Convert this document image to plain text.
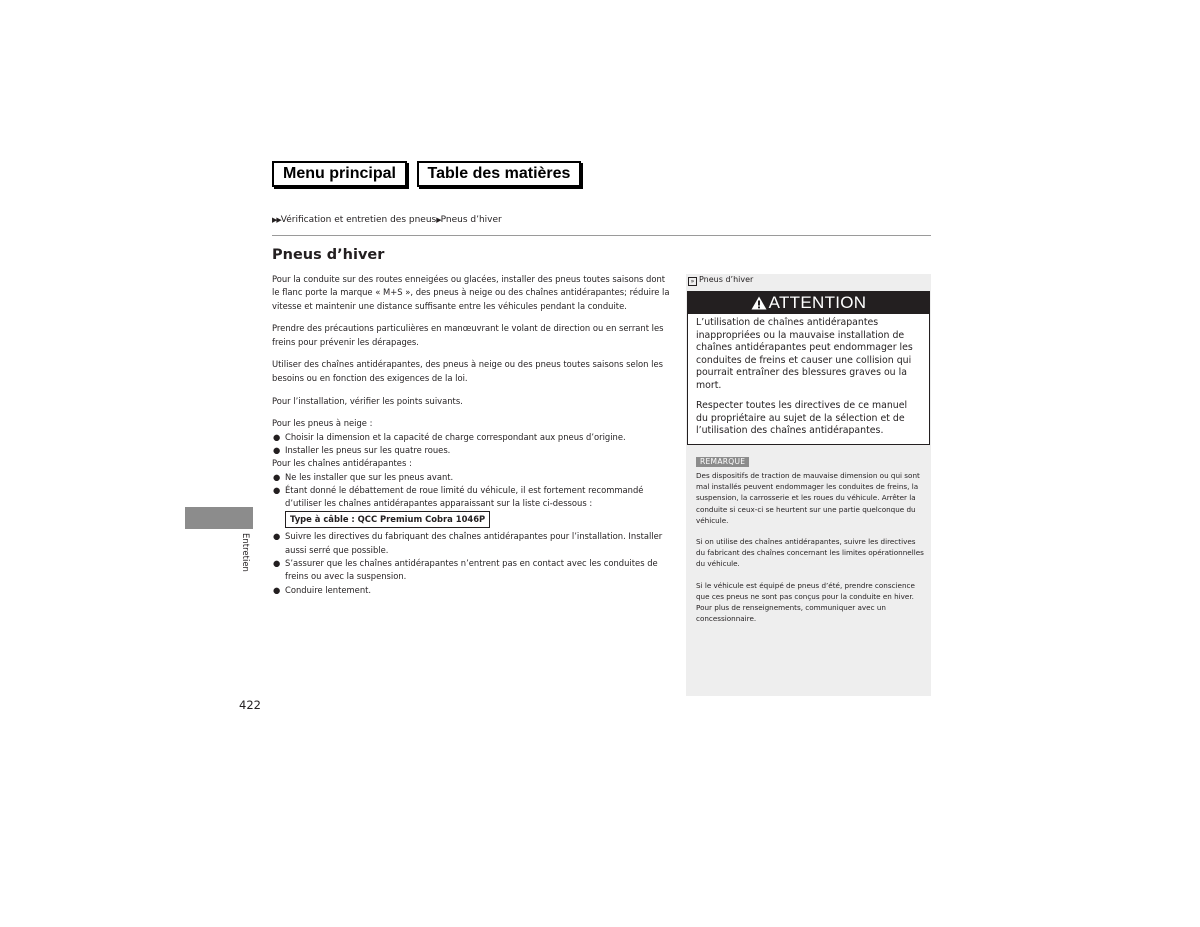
Menu principal	Table des matières
▶▶Vérification et entretien des pneus▶Pneus d’hiver
Pneus d’hiver

Pour la conduite sur des routes enneigées ou glacées, installer des pneus toutes saisons dont le flanc porte la marque « M+S », des pneus à neige ou des chaînes antidérapantes; réduire la vitesse et maintenir une distance suffisante entre les véhicules pendant la conduite.

Prendre des précautions particulières en manœuvrant le volant de direction ou en serrant les freins pour prévenir les dérapages.

Utiliser des chaînes antidérapantes, des pneus à neige ou des pneus toutes saisons selon les besoins ou en fonction des exigences de la loi.

Pour l’installation, vérifier les points suivants.

Pour les pneus à neige :
● Choisir la dimension et la capacité de charge correspondant aux pneus d’origine.
● Installer les pneus sur les quatre roues.
Pour les chaînes antidérapantes :
● Ne les installer que sur les pneus avant.
● Étant donné le débattement de roue limité du véhicule, il est fortement recommandé d’utiliser les chaînes antidérapantes apparaissant sur la liste ci-dessous :
Type à câble : QCC Premium Cobra 1046P
● Suivre les directives du fabriquant des chaînes antidérapantes pour l’installation. Installer aussi serré que possible.
● S’assurer que les chaînes antidérapantes n’entrent pas en contact avec les conduites de freins ou avec la suspension.
● Conduire lentement.
Entretien
422
» Pneus d’hiver
ATTENTION

L’utilisation de chaînes antidérapantes inappropriées ou la mauvaise installation de chaînes antidérapantes peut endommager les conduites de freins et causer une collision qui pourrait entraîner des blessures graves ou la mort.

Respecter toutes les directives de ce manuel du propriétaire au sujet de la sélection et de l’utilisation des chaînes antidérapantes.

REMARQUE

Des dispositifs de traction de mauvaise dimension ou qui sont mal installés peuvent endommager les conduites de freins, la suspension, la carrosserie et les roues du véhicule. Arrêter la conduite si ceux-ci se heurtent sur une partie quelconque du véhicule.

Si on utilise des chaînes antidérapantes, suivre les directives du fabricant des chaînes concernant les limites opérationnelles du véhicule.

Si le véhicule est équipé de pneus d’été, prendre conscience que ces pneus ne sont pas conçus pour la conduite en hiver. Pour plus de renseignements, communiquer avec un concessionnaire.
